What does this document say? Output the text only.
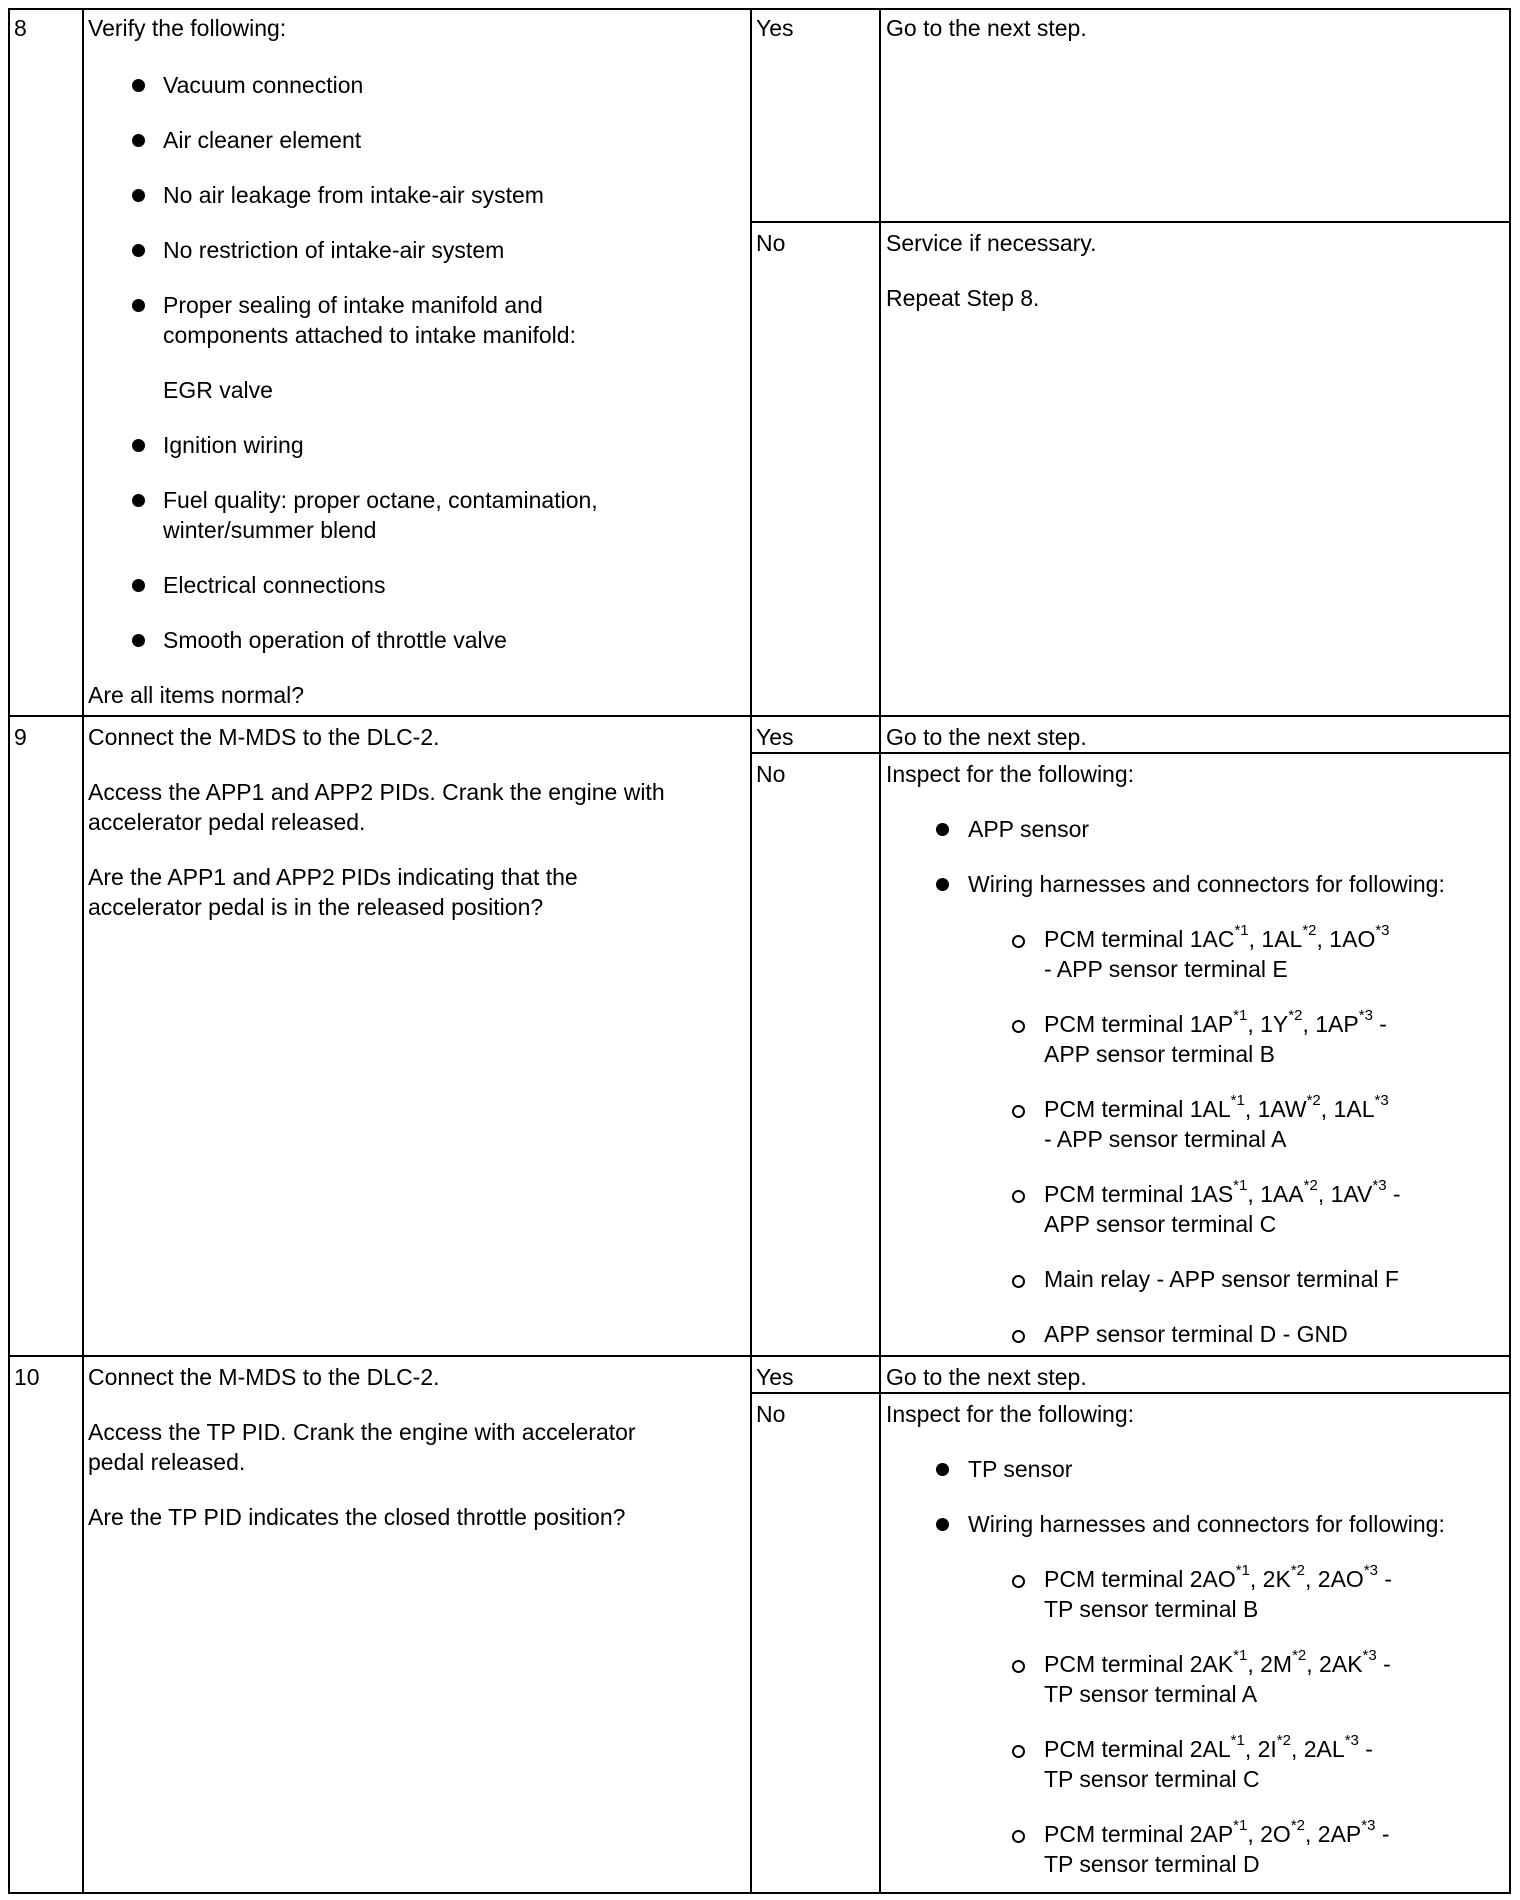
8	Verify the following:
Vacuum connection
Air cleaner element
No air leakage from intake-air system
No restriction of intake-air system
Proper sealing of intake manifold and
components attached to intake manifold:
EGR valve
Ignition wiring
Fuel quality: proper octane, contamination,
winter/summer blend
Electrical connections
Smooth operation of throttle valve
Are all items normal?
Yes	Go to the next step.
No	Service if necessary.
Repeat Step 8.
9	Connect the M-MDS to the DLC-2.
Access the APP1 and APP2 PIDs. Crank the engine with
accelerator pedal released.
Are the APP1 and APP2 PIDs indicating that the
accelerator pedal is in the released position?
Yes	Go to the next step.
No	Inspect for the following:
APP sensor
Wiring harnesses and connectors for following:
PCM terminal 1AC$^{*1}$, 1AL$^{*2}$, 1AO$^{*3}$
- APP sensor terminal E
PCM terminal 1AP$^{*1}$, $1Y^{*2}$, 1AP$^{*3}$ -
APP sensor terminal B
PCM terminal 1AL$^{*1}$, 1AW$^{*2}$, 1AL$^{*3}$
- APP sensor terminal A
PCM terminal 1AS$^{*1}$, 1AA$^{*2}$, 1AV$^{*3}$ -
APP sensor terminal C
Main relay - APP sensor terminal F
APP sensor terminal D - GND
10 Connect the M-MDS to the DLC-2.
Access the TP PID. Crank the engine with accelerator
pedal released.
Are the TP PID indicates the closed throttle position?
Yes	Go to the next step.
No	Inspect for the following:
TP sensor
Wiring harnesses and connectors for following:
PCM terminal 2AO$^{*1}$, $2K^{*2}$, 2AO$^{*3}$ -
TP sensor terminal B
PCM terminal 2AK$^{*1}$, $2M^{*2}$, 2AK$^{*3}$ -
TP sensor terminal A
PCM terminal 2AL$^{*1}$, $2I^{*2}$, 2AL$^{*3}$ -
TP sensor terminal C
PCM terminal 2AP$^{*1}$, $2O^{*2}$, 2AP$^{*3}$ -
TP sensor terminal D
